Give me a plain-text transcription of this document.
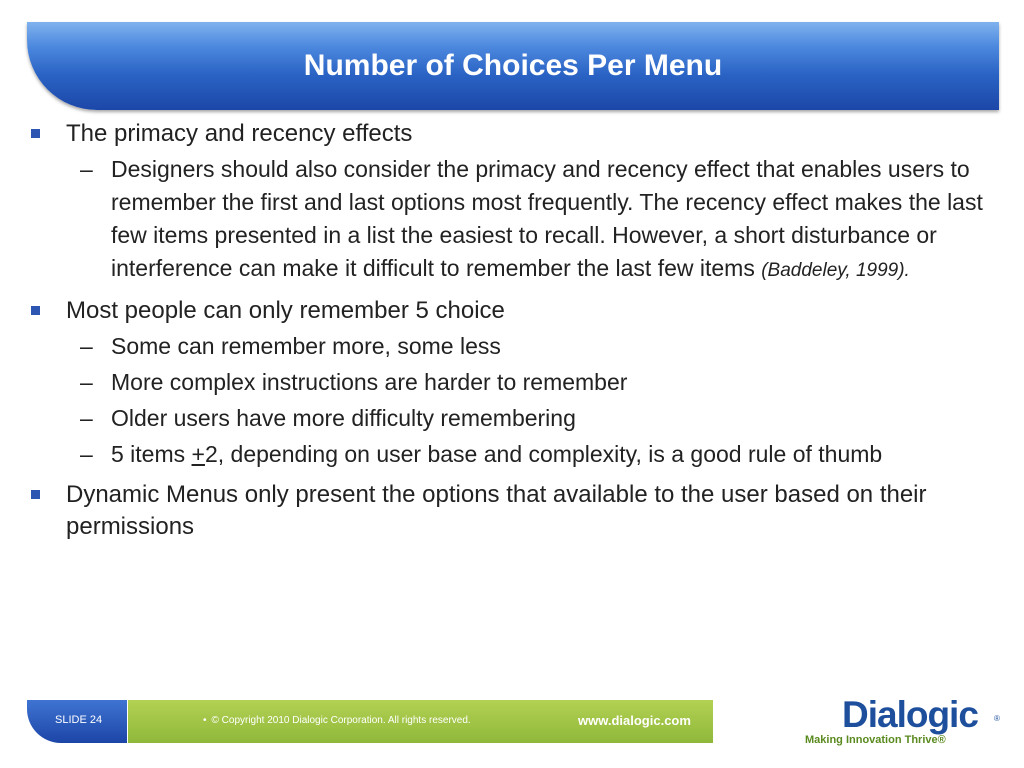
Number of Choices Per Menu
The primacy and recency effects
– Designers should also consider the primacy and recency effect that enables users to remember the first and last options most frequently. The recency effect makes the last few items presented in a list the easiest to recall. However, a short disturbance or interference can make it difficult to remember the last few items (Baddeley, 1999).
Most people can only remember 5 choice
– Some can remember more, some less
– More complex instructions are harder to remember
– Older users have more difficulty remembering
– 5 items +2, depending on user base and complexity, is a good rule of thumb
Dynamic Menus only present the options that available to the user based on their permissions
SLIDE 24	• © Copyright 2010 Dialogic Corporation. All rights reserved.	www.dialogic.com	Dialogic ®
Making Innovation Thrive®
